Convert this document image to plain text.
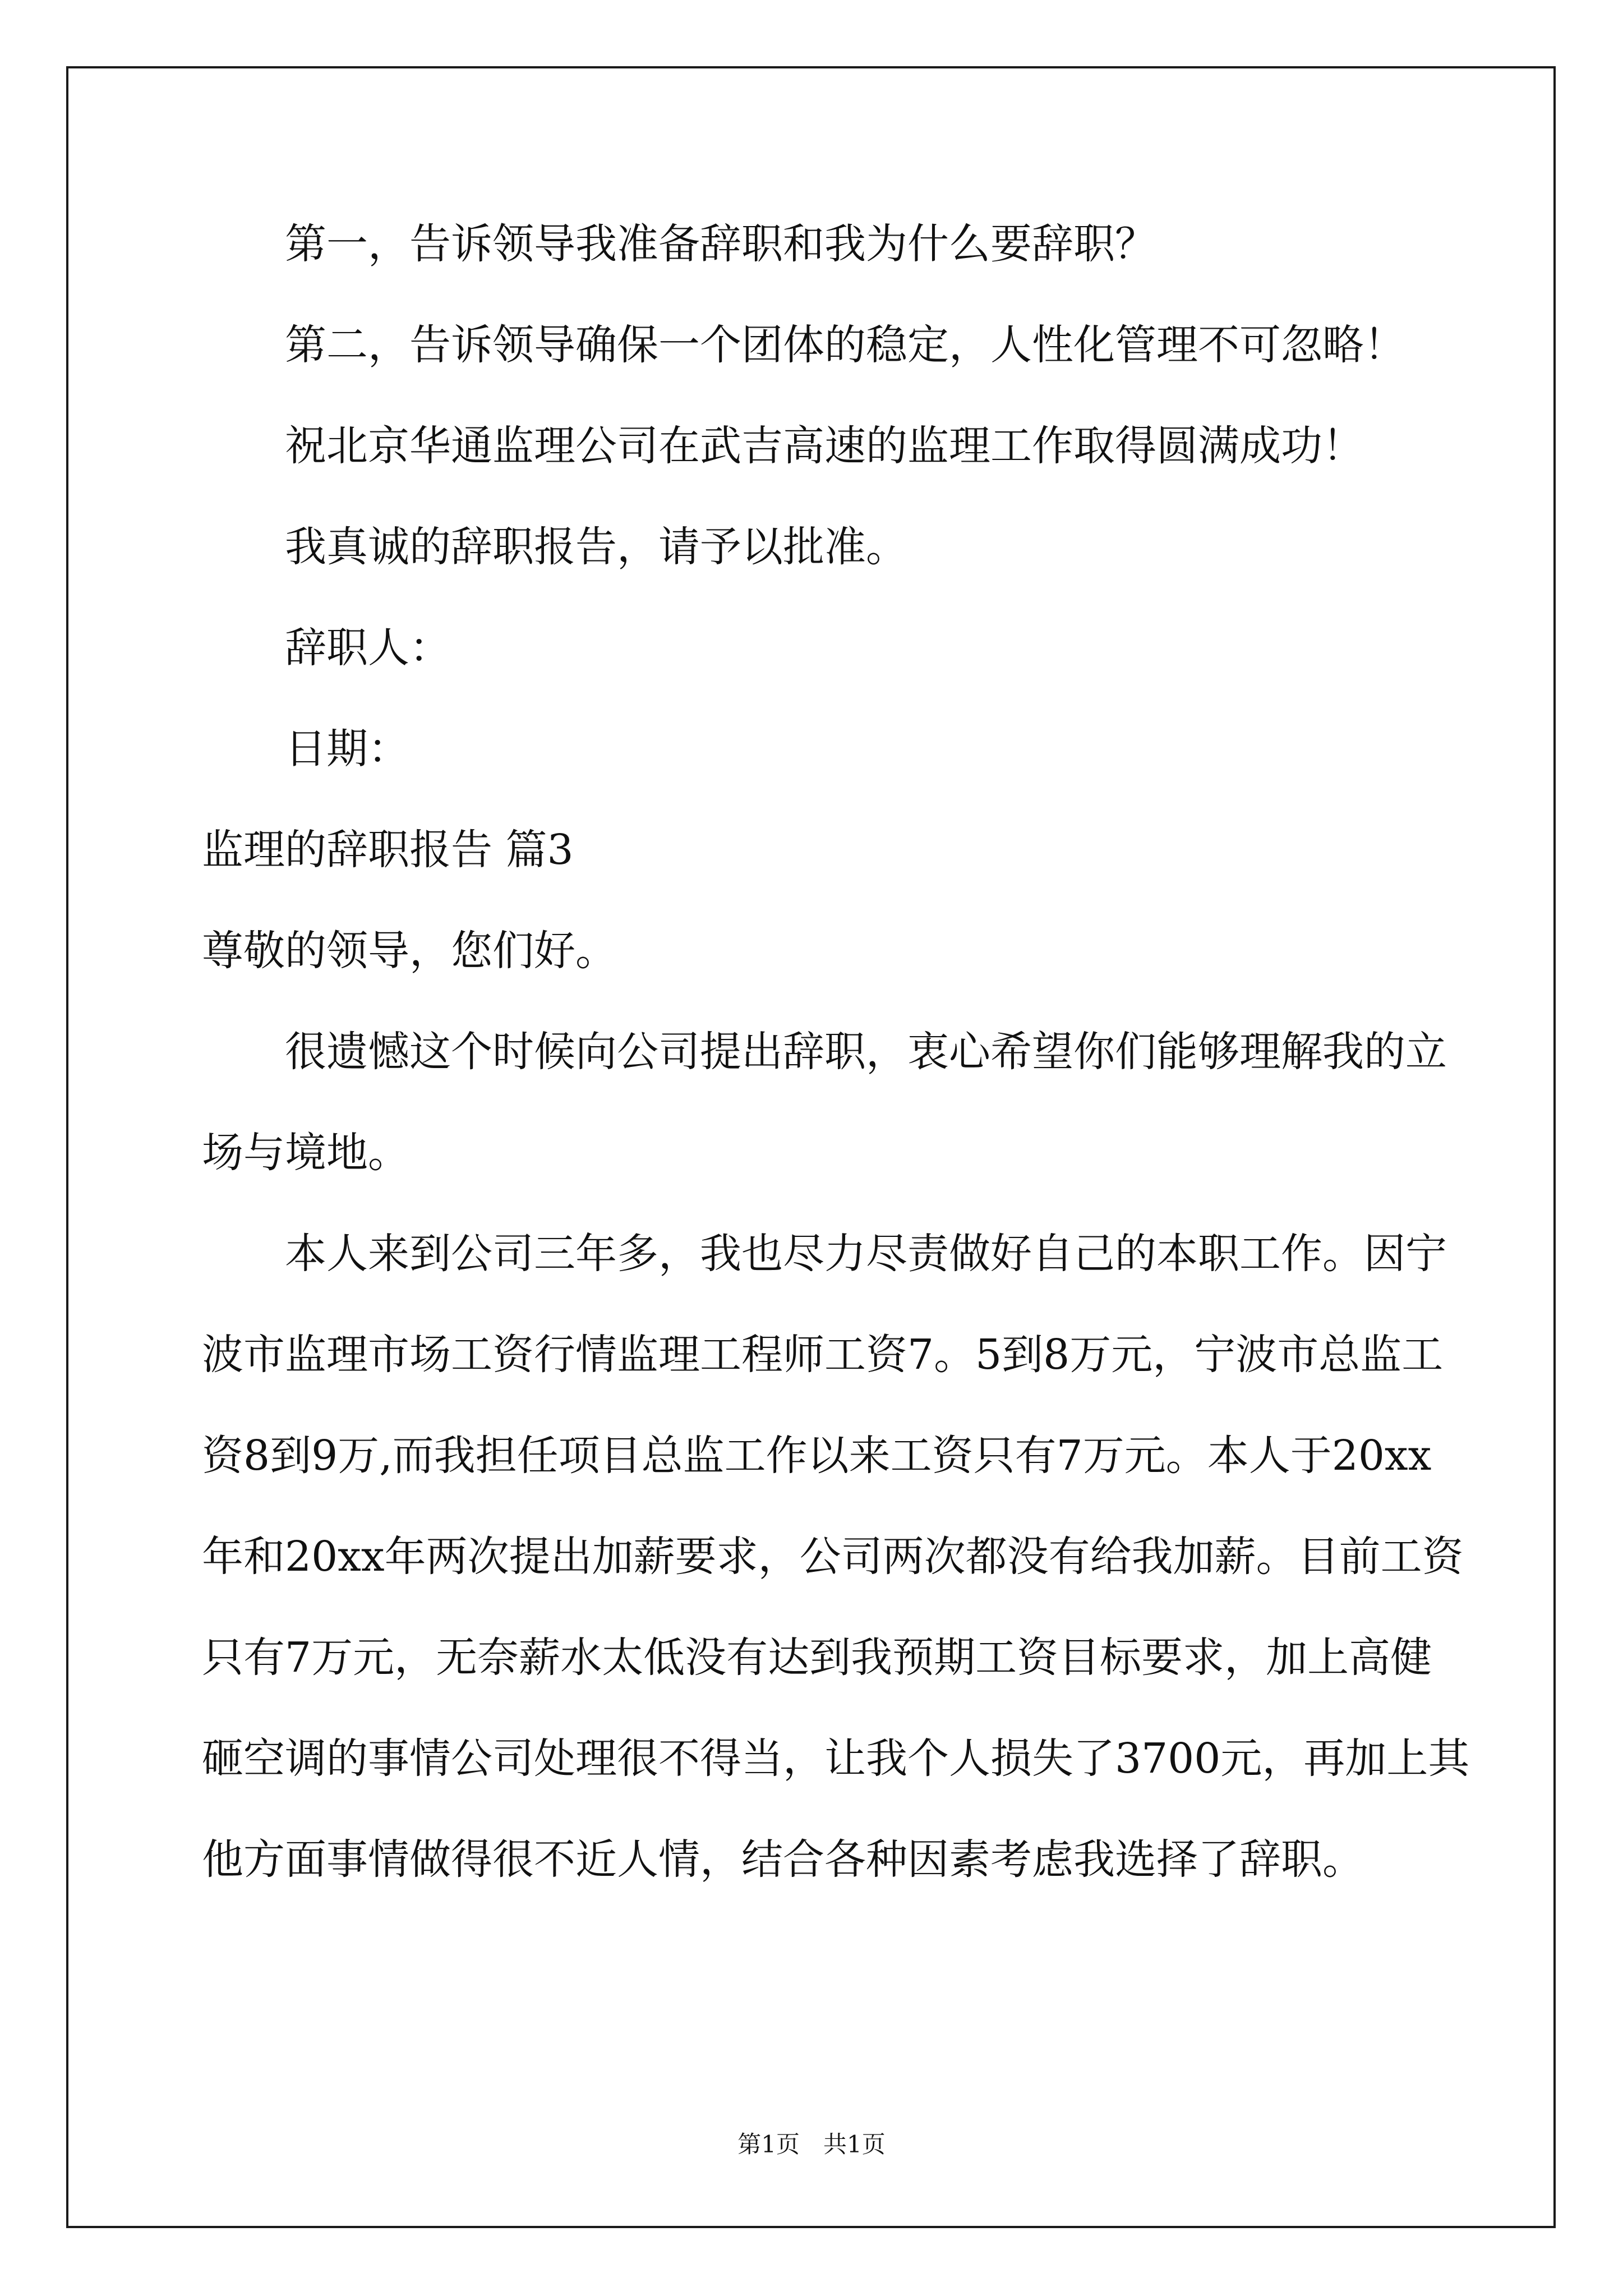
　　第一，告诉领导我准备辞职和我为什么要辞职？
　　第二，告诉领导确保一个团体的稳定，人性化管理不可忽略！
　　祝北京华通监理公司在武吉高速的监理工作取得圆满成功！
　　我真诚的辞职报告，请予以批准。
　　辞职人：
　　日期：
监理的辞职报告 篇3
尊敬的领导，您们好。
　　很遗憾这个时候向公司提出辞职，衷心希望你们能够理解我的立
场与境地。
　　本人来到公司三年多，我也尽力尽责做好自己的本职工作。因宁
波市监理市场工资行情监理工程师工资7。5到8万元，宁波市总监工
资8到9万,而我担任项目总监工作以来工资只有7万元。本人于20xx
年和20xx年两次提出加薪要求，公司两次都没有给我加薪。目前工资
只有7万元，无奈薪水太低没有达到我预期工资目标要求，加上高健
砸空调的事情公司处理很不得当，让我个人损失了3700元，再加上其
他方面事情做得很不近人情，结合各种因素考虑我选择了辞职。
第1页　共1页
